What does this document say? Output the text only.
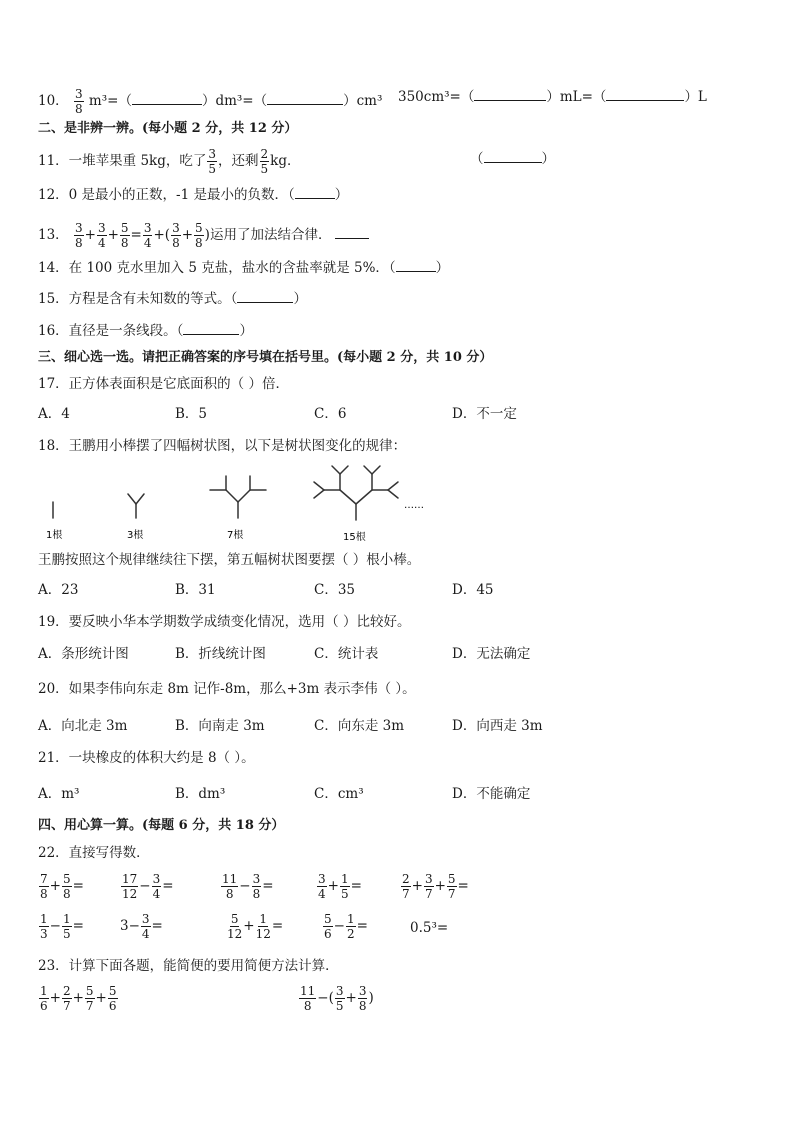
10． $\frac{3}{8} m^3=$（	）dm³=（	）cm³ 350cm³=（	）mL=（	）L
二、是非辨一辨。(每小题 2 分，共 12 分）
11．一堆苹果重 5kg，吃了 $\frac{3}{5}$ ，还剩 $\frac{2}{5}$ kg．	（	）
12．0 是最小的正数，-1 是最小的负数．（	）
13． $\frac{3}{8} + \frac{3}{4} + \frac{5}{8} = \frac{3}{4}$ +( $\frac{3}{8} + \frac{5}{8}$ )运用了加法结合律．
14．在 100 克水里加入 5 克盐，盐水的含盐率就是 5%．（	）
15．方程是含有未知数的等式。（	）
16．直径是一条线段。（	）
三、细心选一选。请把正确答案的序号填在括号里。(每小题 2 分，共 10 分）
17．正方体表面积是它底面积的（ ）倍．
A．4	B．5	C．6	D．不一定
18．王鹏用小棒摆了四幅树状图，以下是树状图变化的规律：
1根	3根	7根	15根
……
王鹏按照这个规律继续往下摆，第五幅树状图要摆（ ）根小棒。
A．23	B．31	C．35	D．45
19．要反映小华本学期数学成绩变化情况，选用（ ）比较好。
A．条形统计图	B．折线统计图	C．统计表	D．无法确定
20．如果李伟向东走 8m 记作-8m，那么+3m 表示李伟（ ）。
A．向北走 3m	B．向南走 3m	C．向东走 3m	D．向西走 3m
21．一块橡皮的体积大约是 8（ ）。
A．m³	B．dm³	C．cm³	D．不能确定
四、用心算一算。(每题 6 分，共 18 分）
22．直接写得数．
$\frac{7}{8} + \frac{5}{8}$ =	$\frac{17}{12} - \frac{3}{4}$ =	$\frac{11}{8} - \frac{3}{8}$ =	$\frac{3}{4} + \frac{1}{5}$ =	$\frac{2}{7} + \frac{3}{7} + \frac{5}{7}$ =
$\frac{1}{3} - \frac{1}{5}$ =	$3- \frac{3}{4}$ =	$\frac{5}{12} + \frac{1}{12}$ =	$\frac{5}{6} - \frac{1}{2}$ =	0.5³=
23．计算下面各题，能简便的要用简便方法计算．
$\frac{1}{6} + \frac{2}{7} + \frac{5}{7} + \frac{5}{6}$	$\frac{11}{8}$ −( $\frac{3}{5} + \frac{3}{8}$ )
